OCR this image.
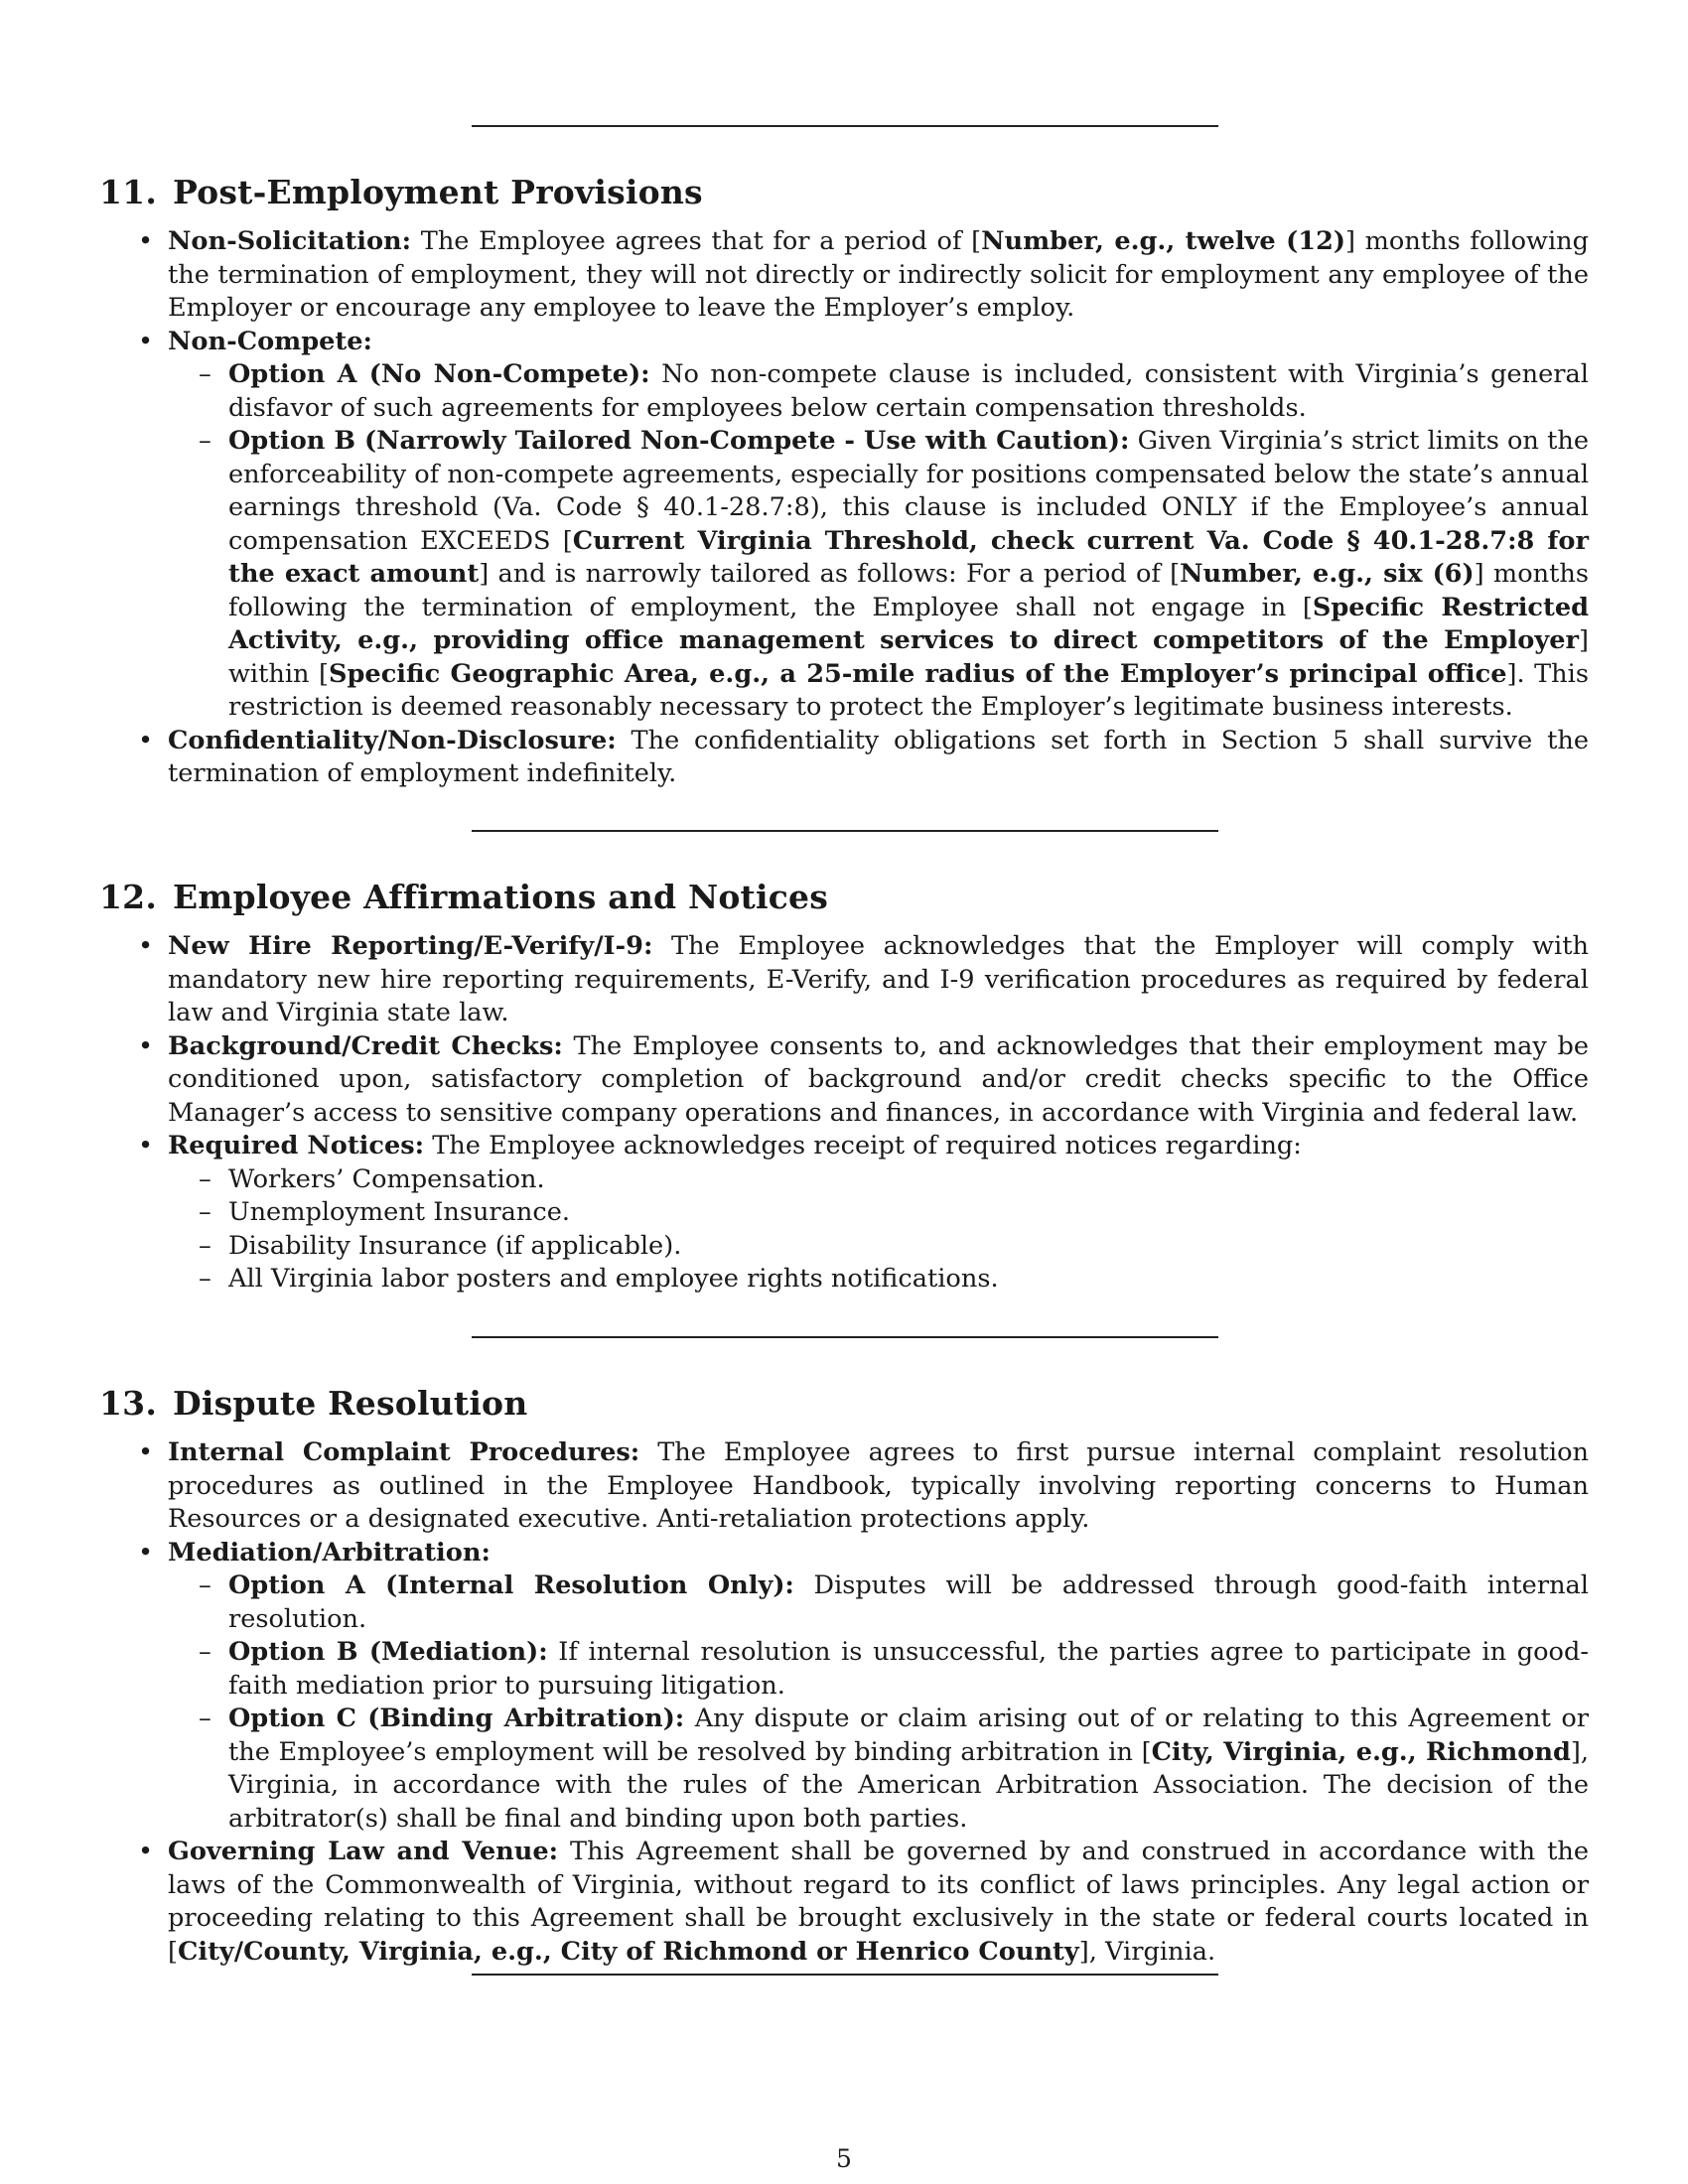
11. Post-Employment Provisions
• Non-Solicitation: The Employee agrees that for a period of [Number, e.g., twelve (12)] months following the termination of employment, they will not directly or indirectly solicit for employment any employee of the Employer or encourage any employee to leave the Employer’s employ.
• Non-Compete:
– Option A (No Non-Compete): No non-compete clause is included, consistent with Virginia’s general disfavor of such agreements for employees below certain compensation thresholds.
– Option B (Narrowly Tailored Non-Compete - Use with Caution): Given Virginia’s strict limits on the enforceability of non-compete agreements, especially for positions compensated below the state’s annual earnings threshold (Va. Code § 40.1-28.7:8), this clause is included ONLY if the Employee’s annual compensation EXCEEDS [Current Virginia Threshold, check current Va. Code § 40.1-28.7:8 for the exact amount] and is narrowly tailored as follows: For a period of [Number, e.g., six (6)] months following the termination of employment, the Employee shall not engage in [Specific Restricted Activity, e.g., providing office management services to direct competitors of the Employer] within [Specific Geographic Area, e.g., a 25-mile radius of the Employer’s principal office]. This restriction is deemed reasonably necessary to protect the Employer’s legitimate business interests.
• Confidentiality/Non-Disclosure: The confidentiality obligations set forth in Section 5 shall survive the termination of employment indefinitely.
12. Employee Affirmations and Notices
• New Hire Reporting/E-Verify/I-9: The Employee acknowledges that the Employer will comply with mandatory new hire reporting requirements, E-Verify, and I-9 verification procedures as required by federal law and Virginia state law.
• Background/Credit Checks: The Employee consents to, and acknowledges that their employment may be conditioned upon, satisfactory completion of background and/or credit checks specific to the Office Manager’s access to sensitive company operations and finances, in accordance with Virginia and federal law.
• Required Notices: The Employee acknowledges receipt of required notices regarding:
– Workers’ Compensation.
– Unemployment Insurance.
– Disability Insurance (if applicable).
– All Virginia labor posters and employee rights notifications.
13. Dispute Resolution
• Internal Complaint Procedures: The Employee agrees to first pursue internal complaint resolution procedures as outlined in the Employee Handbook, typically involving reporting concerns to Human Resources or a designated executive. Anti-retaliation protections apply.
• Mediation/Arbitration:
– Option A (Internal Resolution Only): Disputes will be addressed through good-faith internal resolution.
– Option B (Mediation): If internal resolution is unsuccessful, the parties agree to participate in good-faith mediation prior to pursuing litigation.
– Option C (Binding Arbitration): Any dispute or claim arising out of or relating to this Agreement or the Employee’s employment will be resolved by binding arbitration in [City, Virginia, e.g., Richmond], Virginia, in accordance with the rules of the American Arbitration Association. The decision of the arbitrator(s) shall be final and binding upon both parties.
• Governing Law and Venue: This Agreement shall be governed by and construed in accordance with the laws of the Commonwealth of Virginia, without regard to its conflict of laws principles. Any legal action or proceeding relating to this Agreement shall be brought exclusively in the state or federal courts located in [City/County, Virginia, e.g., City of Richmond or Henrico County], Virginia.
5
